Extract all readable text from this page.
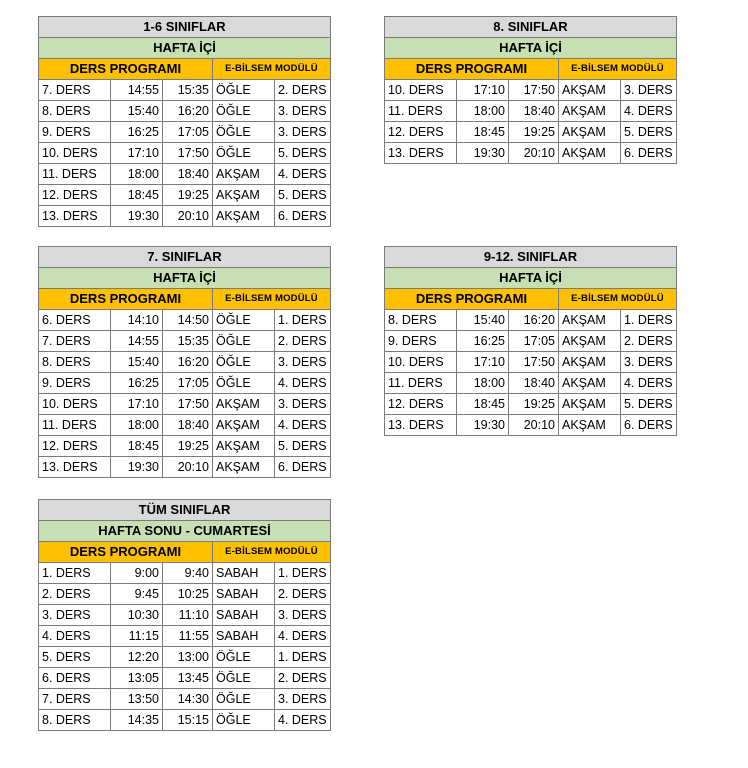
1-6 SINIFLAR				
HAFTA İÇİ				
DERS PROGRAMI			E-BİLSEM MODÜLÜ	
7. DERS	14:55	15:35	ÖĞLE	2. DERS
8. DERS	15:40	16:20	ÖĞLE	3. DERS
9. DERS	16:25	17:05	ÖĞLE	3. DERS
10. DERS	17:10	17:50	ÖĞLE	5. DERS
11. DERS	18:00	18:40	AKŞAM	4. DERS
12. DERS	18:45	19:25	AKŞAM	5. DERS
13. DERS	19:30	20:10	AKŞAM	6. DERS
8. SINIFLAR				
HAFTA İÇİ				
DERS PROGRAMI			E-BİLSEM MODÜLÜ	
10. DERS	17:10	17:50	AKŞAM	3. DERS
11. DERS	18:00	18:40	AKŞAM	4. DERS
12. DERS	18:45	19:25	AKŞAM	5. DERS
13. DERS	19:30	20:10	AKŞAM	6. DERS
7. SINIFLAR				
HAFTA İÇİ				
DERS PROGRAMI			E-BİLSEM MODÜLÜ	
6. DERS	14:10	14:50	ÖĞLE	1. DERS
7. DERS	14:55	15:35	ÖĞLE	2. DERS
8. DERS	15:40	16:20	ÖĞLE	3. DERS
9. DERS	16:25	17:05	ÖĞLE	4. DERS
10. DERS	17:10	17:50	AKŞAM	3. DERS
11. DERS	18:00	18:40	AKŞAM	4. DERS
12. DERS	18:45	19:25	AKŞAM	5. DERS
13. DERS	19:30	20:10	AKŞAM	6. DERS
9-12. SINIFLAR				
HAFTA İÇİ				
DERS PROGRAMI			E-BİLSEM MODÜLÜ	
8. DERS	15:40	16:20	AKŞAM	1. DERS
9. DERS	16:25	17:05	AKŞAM	2. DERS
10. DERS	17:10	17:50	AKŞAM	3. DERS
11. DERS	18:00	18:40	AKŞAM	4. DERS
12. DERS	18:45	19:25	AKŞAM	5. DERS
13. DERS	19:30	20:10	AKŞAM	6. DERS
TÜM SINIFLAR				
HAFTA SONU - CUMARTESİ				
DERS PROGRAMI			E-BİLSEM MODÜLÜ	
1. DERS	9:00	9:40	SABAH	1. DERS
2. DERS	9:45	10:25	SABAH	2. DERS
3. DERS	10:30	11:10	SABAH	3. DERS
4. DERS	11:15	11:55	SABAH	4. DERS
5. DERS	12:20	13:00	ÖĞLE	1. DERS
6. DERS	13:05	13:45	ÖĞLE	2. DERS
7. DERS	13:50	14:30	ÖĞLE	3. DERS
8. DERS	14:35	15:15	ÖĞLE	4. DERS
